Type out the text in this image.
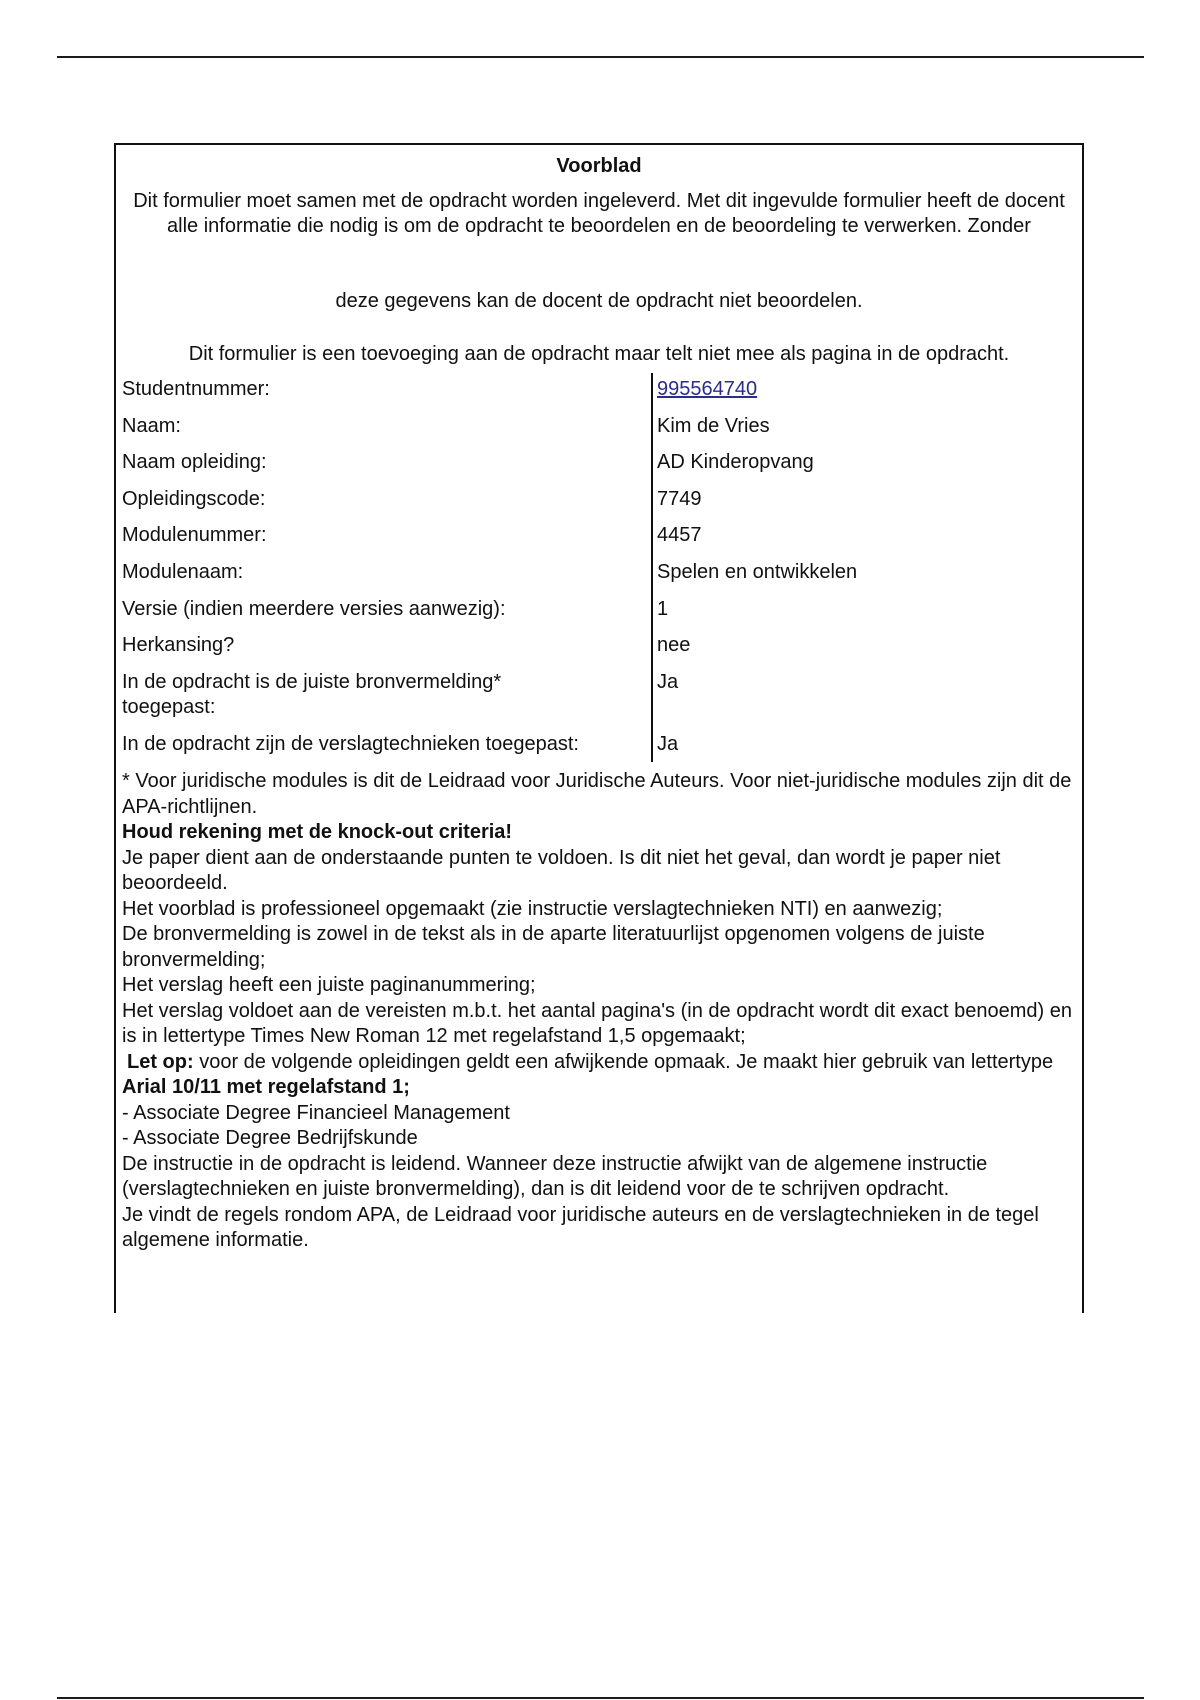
Voorblad
Dit formulier moet samen met de opdracht worden ingeleverd. Met dit ingevulde formulier heeft de docent alle informatie die nodig is om de opdracht te beoordelen en de beoordeling te verwerken. Zonder
deze gegevens kan de docent de opdracht niet beoordelen.
Dit formulier is een toevoeging aan de opdracht maar telt niet mee als pagina in de opdracht.
Studentnummer:	995564740
Naam:	Kim de Vries
Naam opleiding:	AD Kinderopvang
Opleidingscode:	7749
Modulenummer:	4457
Modulenaam:	Spelen en ontwikkelen
Versie (indien meerdere versies aanwezig):	1
Herkansing?	nee
In de opdracht is de juiste bronvermelding* toegepast:
Ja
In de opdracht zijn de verslagtechnieken toegepast:	Ja

* Voor juridische modules is dit de Leidraad voor Juridische Auteurs. Voor niet-juridische modules zijn dit de APA-richtlijnen.

Houd rekening met de knock-out criteria!

Je paper dient aan de onderstaande punten te voldoen. Is dit niet het geval, dan wordt je paper niet

beoordeeld.

Het voorblad is professioneel opgemaakt (zie instructie verslagtechnieken NTI) en aanwezig;

De bronvermelding is zowel in de tekst als in de aparte literatuurlijst opgenomen volgens de juiste

bronvermelding;

Het verslag heeft een juiste paginanummering;

Het verslag voldoet aan de vereisten m.b.t. het aantal pagina's (in de opdracht wordt dit exact benoemd) en is in lettertype Times New Roman 12 met regelafstand 1,5 opgemaakt;

Let op: voor de volgende opleidingen geldt een afwijkende opmaak. Je maakt hier gebruik van lettertype Arial 10/11 met regelafstand 1;

- Associate Degree Financieel Management

- Associate Degree Bedrijfskunde

De instructie in de opdracht is leidend. Wanneer deze instructie afwijkt van de algemene instructie (verslagtechnieken en juiste bronvermelding), dan is dit leidend voor de te schrijven opdracht.

Je vindt de regels rondom APA, de Leidraad voor juridische auteurs en de verslagtechnieken in de tegel algemene informatie.
